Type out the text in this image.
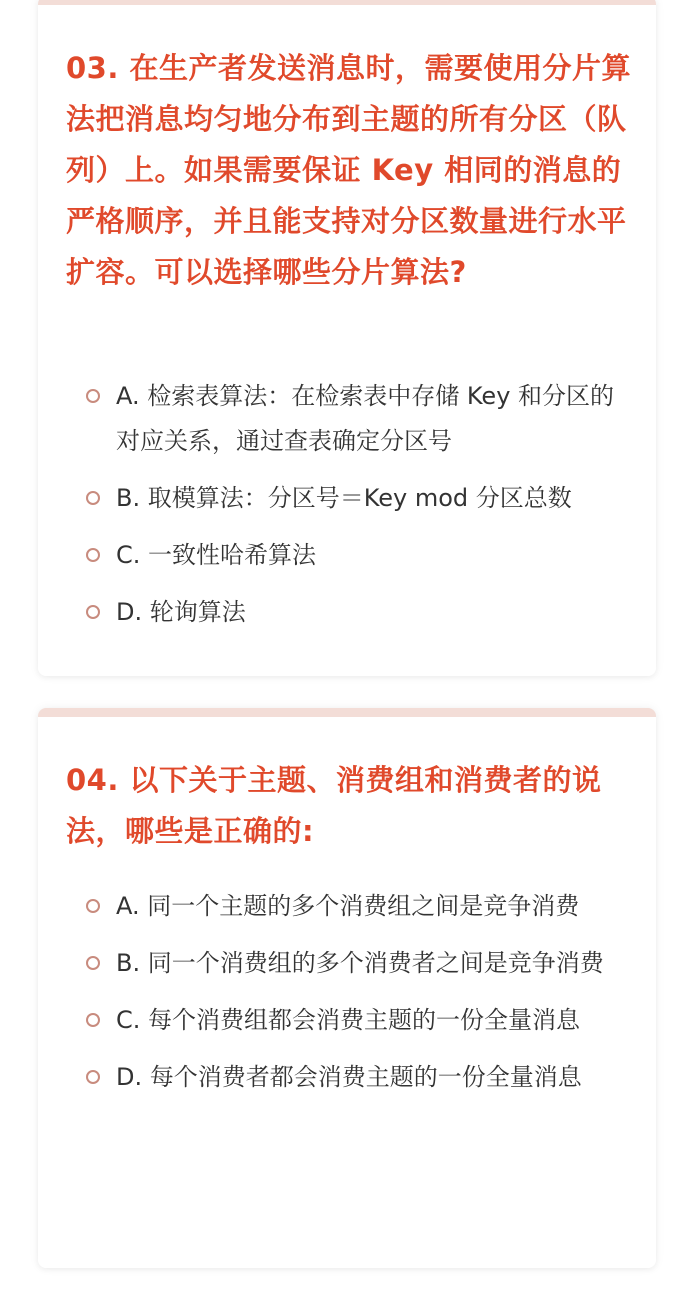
03. 在生产者发送消息时，需要使用分片算法把消息均匀地分布到主题的所有分区（队列）上。如果需要保证 Key 相同的消息的严格顺序，并且能支持对分区数量进行水平扩容。可以选择哪些分片算法?

A. 检索表算法：在检索表中存储 Key 和分区的对应关系，通过查表确定分区号
B. 取模算法：分区号＝Key mod 分区总数
C. 一致性哈希算法
D. 轮询算法

04. 以下关于主题、消费组和消费者的说法，哪些是正确的:

A. 同一个主题的多个消费组之间是竞争消费
B. 同一个消费组的多个消费者之间是竞争消费
C. 每个消费组都会消费主题的一份全量消息
D. 每个消费者都会消费主题的一份全量消息
